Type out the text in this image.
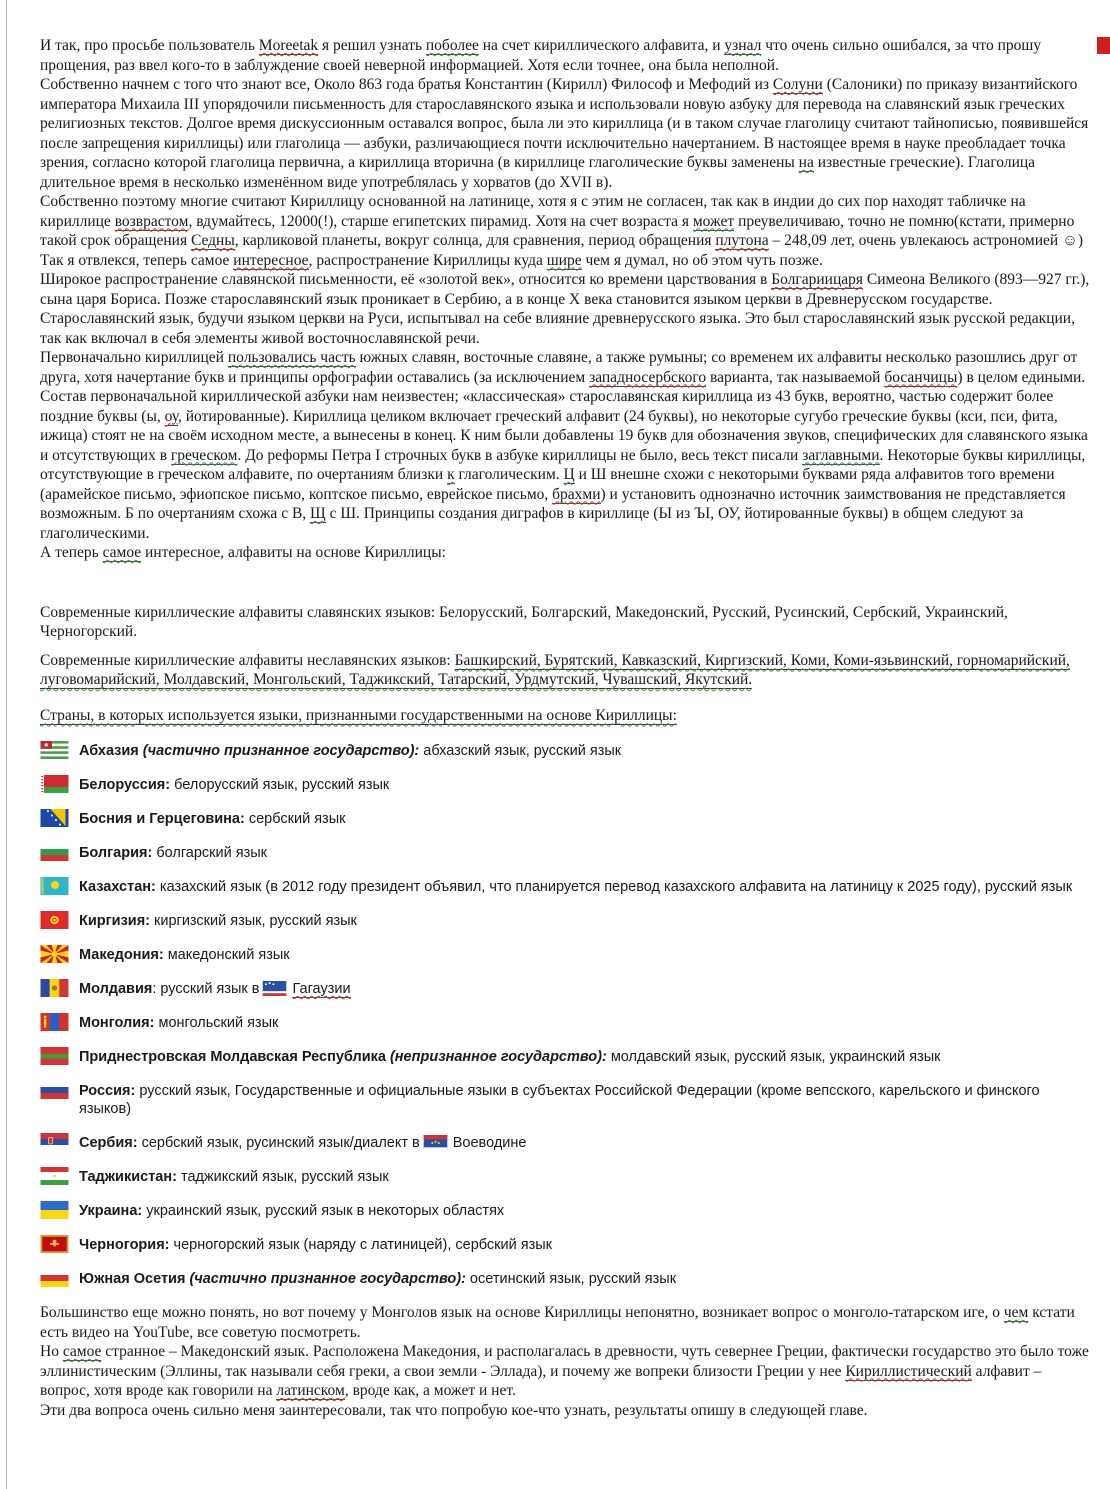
И так, про просьбе пользователь Moreetak я решил узнать поболее на счет кириллического алфавита, и узнал что очень сильно ошибался, за что прошу прощения, раз ввел кого-то в заблуждение своей неверной информацией. Хотя если точнее, она была неполной.

Собственно начнем с того что знают все, Около 863 года братья Константин (Кирилл) Философ и Мефодий из Солуни (Салоники) по приказу византийского императора Михаила III упорядочили письменность для старославянского языка и использовали новую азбуку для перевода на славянский язык греческих религиозных текстов. Долгое время дискуссионным оставался вопрос, была ли это кириллица (и в таком случае глаголицу считают тайнописью, появившейся после запрещения кириллицы) или глаголица — азбуки, различающиеся почти исключительно начертанием. В настоящее время в науке преобладает точка зрения, согласно которой глаголица первична, а кириллица вторична (в кириллице глаголические буквы заменены на известные греческие). Глаголица длительное время в несколько изменённом виде употреблялась у хорватов (до XVII в).

Собственно поэтому многие считают Кириллицу основанной на латинице, хотя я с этим не согласен, так как в индии до сих пор находят табличке на кириллице возврастом, вдумайтесь, 12000(!), старше египетских пирамид. Хотя на счет возраста я может преувеличиваю, точно не помню(кстати, примерно такой срок обращения Седны, карликовой планеты, вокруг солнца, для сравнения, период обращения плутона – 248,09 лет, очень увлекаюсь астрономией ☺)

Так я отвлекся, теперь самое интересное, распространение Кириллицы куда шире чем я думал, но об этом чуть позже.

Широкое распространение славянской письменности, её «золотой век», относится ко времени царствования в Болгариицаря Симеона Великого (893—927 гг.), сына царя Бориса. Позже старославянский язык проникает в Сербию, а в конце X века становится языком церкви в Древнерусском государстве.

Старославянский язык, будучи языком церкви на Руси, испытывал на себе влияние древнерусского языка. Это был старославянский язык русской редакции, так как включал в себя элементы живой восточнославянской речи.

Первоначально кириллицей пользовались часть южных славян, восточные славяне, а также румыны; со временем их алфавиты несколько разошлись друг от друга, хотя начертание букв и принципы орфографии оставались (за исключением западносербского варианта, так называемой босанчицы) в целом едиными.

Состав первоначальной кириллической азбуки нам неизвестен; «классическая» старославянская кириллица из 43 букв, вероятно, частью содержит более поздние буквы (ы, оу, йотированные). Кириллица целиком включает греческий алфавит (24 буквы), но некоторые сугубо греческие буквы (кси, пси, фита, ижица) стоят не на своём исходном месте, а вынесены в конец. К ним были добавлены 19 букв для обозначения звуков, специфических для славянского языка и отсутствующих в греческом. До реформы Петра I строчных букв в азбуке кириллицы не было, весь текст писали заглавными. Некоторые буквы кириллицы, отсутствующие в греческом алфавите, по очертаниям близки к глаголическим. Ц и Ш внешне схожи с некоторыми буквами ряда алфавитов того времени (арамейское письмо, эфиопское письмо, коптское письмо, еврейское письмо, брахми) и установить однозначно источник заимствования не представляется возможным. Б по очертаниям схожа с В, Щ с Ш. Принципы создания диграфов в кириллице (Ы из ЪІ, ОУ, йотированные буквы) в общем следуют за глаголическими.

А теперь самое интересное, алфавиты на основе Кириллицы:

Современные кириллические алфавиты славянских языков: Белорусский, Болгарский, Македонский, Русский, Русинский, Сербский, Украинский, Черногорский.

Современные кириллические алфавиты неславянских языков: Башкирский, Бурятский, Кавказский, Киргизский, Коми, Коми-язьвинский, горномарийский, луговомарийский, Молдавский, Монгольский, Таджикский, Татарский, Урдмутский, Чувашский, Якутский.

Страны, в которых используется языки, признанными государственными на основе Кириллицы:

Абхазия (частично признанное государство): абхазский язык, русский язык
Белоруссия: белорусский язык, русский язык
Босния и Герцеговина: сербский язык
Болгария: болгарский язык
Казахстан: казахский язык (в 2012 году президент объявил, что планируется перевод казахского алфавита на латиницу к 2025 году), русский язык
Киргизия: киргизский язык, русский язык
Македония: македонский язык
Молдавия: русский язык в Гагаузии
Монголия: монгольский язык
Приднестровская Молдавская Республика (непризнанное государство): молдавский язык, русский язык, украинский язык
Россия: русский язык, Государственные и официальные языки в субъектах Российской Федерации (кроме вепсского, карельского и финского языков)
Сербия: сербский язык, русинский язык/диалект в Воеводине
Таджикистан: таджикский язык, русский язык
Украина: украинский язык, русский язык в некоторых областях
Черногория: черногорский язык (наряду с латиницей), сербский язык
Южная Осетия (частично признанное государство): осетинский язык, русский язык

Большинство еще можно понять, но вот почему у Монголов язык на основе Кириллицы непонятно, возникает вопрос о монголо-татарском иге, о чем кстати есть видео на YouTube, все советую посмотреть.

Но самое странное – Македонский язык. Расположена Македония, и располагалась в древности, чуть севернее Греции, фактически государство это было тоже эллинистическим (Эллины, так называли себя греки, а свои земли - Эллада), и почему же вопреки близости Греции у нее Кириллистический алфавит – вопрос, хотя вроде как говорили на латинском, вроде как, а может и нет.

Эти два вопроса очень сильно меня заинтересовали, так что попробую кое-что узнать, результаты опишу в следующей главе.
